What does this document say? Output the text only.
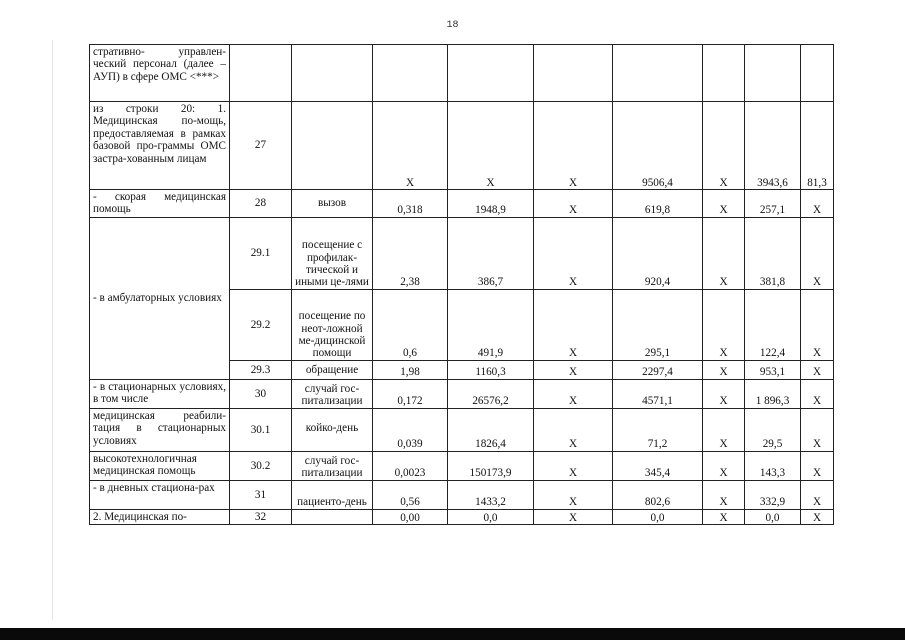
18
стративно- управлен-ческий персонал (далее – АУП) в сфере ОМС <***>									
из строки 20: 1. Медицинская по-мощь, предоставляемая в рамках базовой про-граммы ОМС застра-хованным лицам	27		Х	Х	Х	9506,4	Х	3943,6	81,3
- скорая медицинская помощь	28	вызов	0,318	1948,9	Х	619,8	Х	257,1	Х
- в амбулаторных условиях	29.1	посещение с профилак-тической и иными це-лями	2,38	386,7	Х	920,4	Х	381,8	Х
	29.2	посещение по неот-ложной ме-дицинской помощи	0,6	491,9	Х	295,1	Х	122,4	Х
	29.3	обращение	1,98	1160,3	Х	2297,4	Х	953,1	Х
- в стационарных условиях, в том числе	30	случай гос-питализации	0,172	26576,2	Х	4571,1	Х	1 896,3	Х
медицинская реабили-тация в стационарных условиях	30.1	койко-день	0,039	1826,4	Х	71,2	Х	29,5	Х
высокотехнологичная медицинская помощь	30.2	случай гос-питализации	0,0023	150173,9	Х	345,4	Х	143,3	Х
- в дневных стациона-рах	31	пациенто-день	0,56	1433,2	Х	802,6	Х	332,9	Х
2. Медицинская по-	32		0,00	0,0	Х	0,0	Х	0,0	Х
